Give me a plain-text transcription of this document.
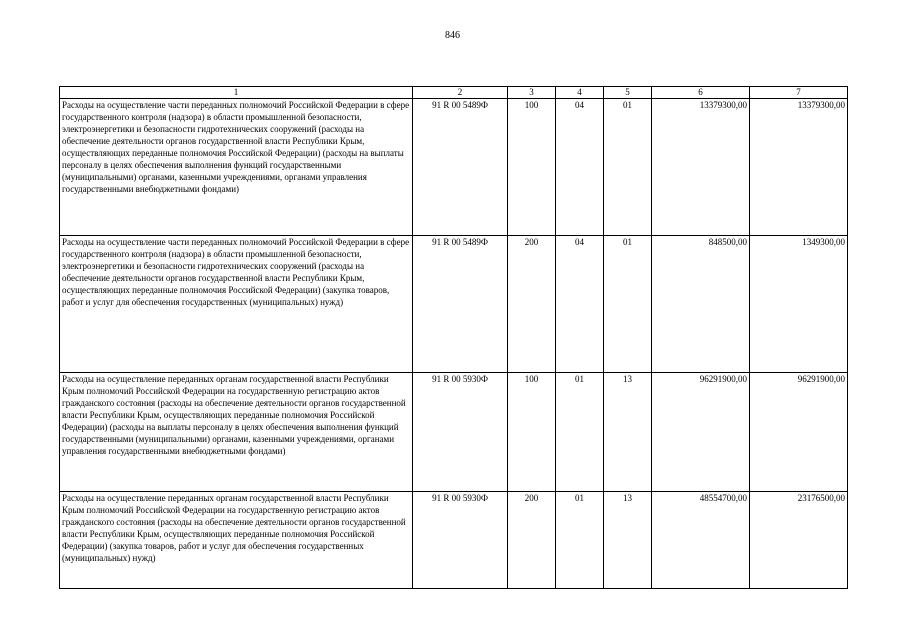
846
1	2	3	4	5	6	7
Расходы на осуществление части переданных полномочий Российской Федерации в сфере государственного контроля (надзора) в области промышленной безопасности, электроэнергетики и безопасности гидротехнических сооружений (расходы на обеспечение деятельности органов государственной власти Республики Крым, осуществляющих переданные полномочия Российской Федерации) (расходы на выплаты персоналу в целях обеспечения выполнения функций государственными (муниципальными) органами, казенными учреждениями, органами управления государственными внебюджетными фондами)	91 R 00 5489Ф	100	04	01	13379300,00	13379300,00
Расходы на осуществление части переданных полномочий Российской Федерации в сфере государственного контроля (надзора) в области промышленной безопасности, электроэнергетики и безопасности гидротехнических сооружений (расходы на обеспечение деятельности органов государственной власти Республики Крым, осуществляющих переданные полномочия Российской Федерации) (закупка товаров, работ и услуг для обеспечения государственных (муниципальных) нужд)	91 R 00 5489Ф	200	04	01	848500,00	1349300,00
Расходы на осуществление переданных органам государственной власти Республики Крым полномочий Российской Федерации на государственную регистрацию актов гражданского состояния (расходы на обеспечение деятельности органов государственной власти Республики Крым, осуществляющих переданные полномочия Российской Федерации) (расходы на выплаты персоналу в целях обеспечения выполнения функций государственными (муниципальными) органами, казенными учреждениями, органами управления государственными внебюджетными фондами)	91 R 00 5930Ф	100	01	13	96291900,00	96291900,00
Расходы на осуществление переданных органам государственной власти Республики Крым полномочий Российской Федерации на государственную регистрацию актов гражданского состояния (расходы на обеспечение деятельности органов государственной власти Республики Крым, осуществляющих переданные полномочия Российской Федерации) (закупка товаров, работ и услуг для обеспечения государственных (муниципальных) нужд)	91 R 00 5930Ф	200	01	13	48554700,00	23176500,00
